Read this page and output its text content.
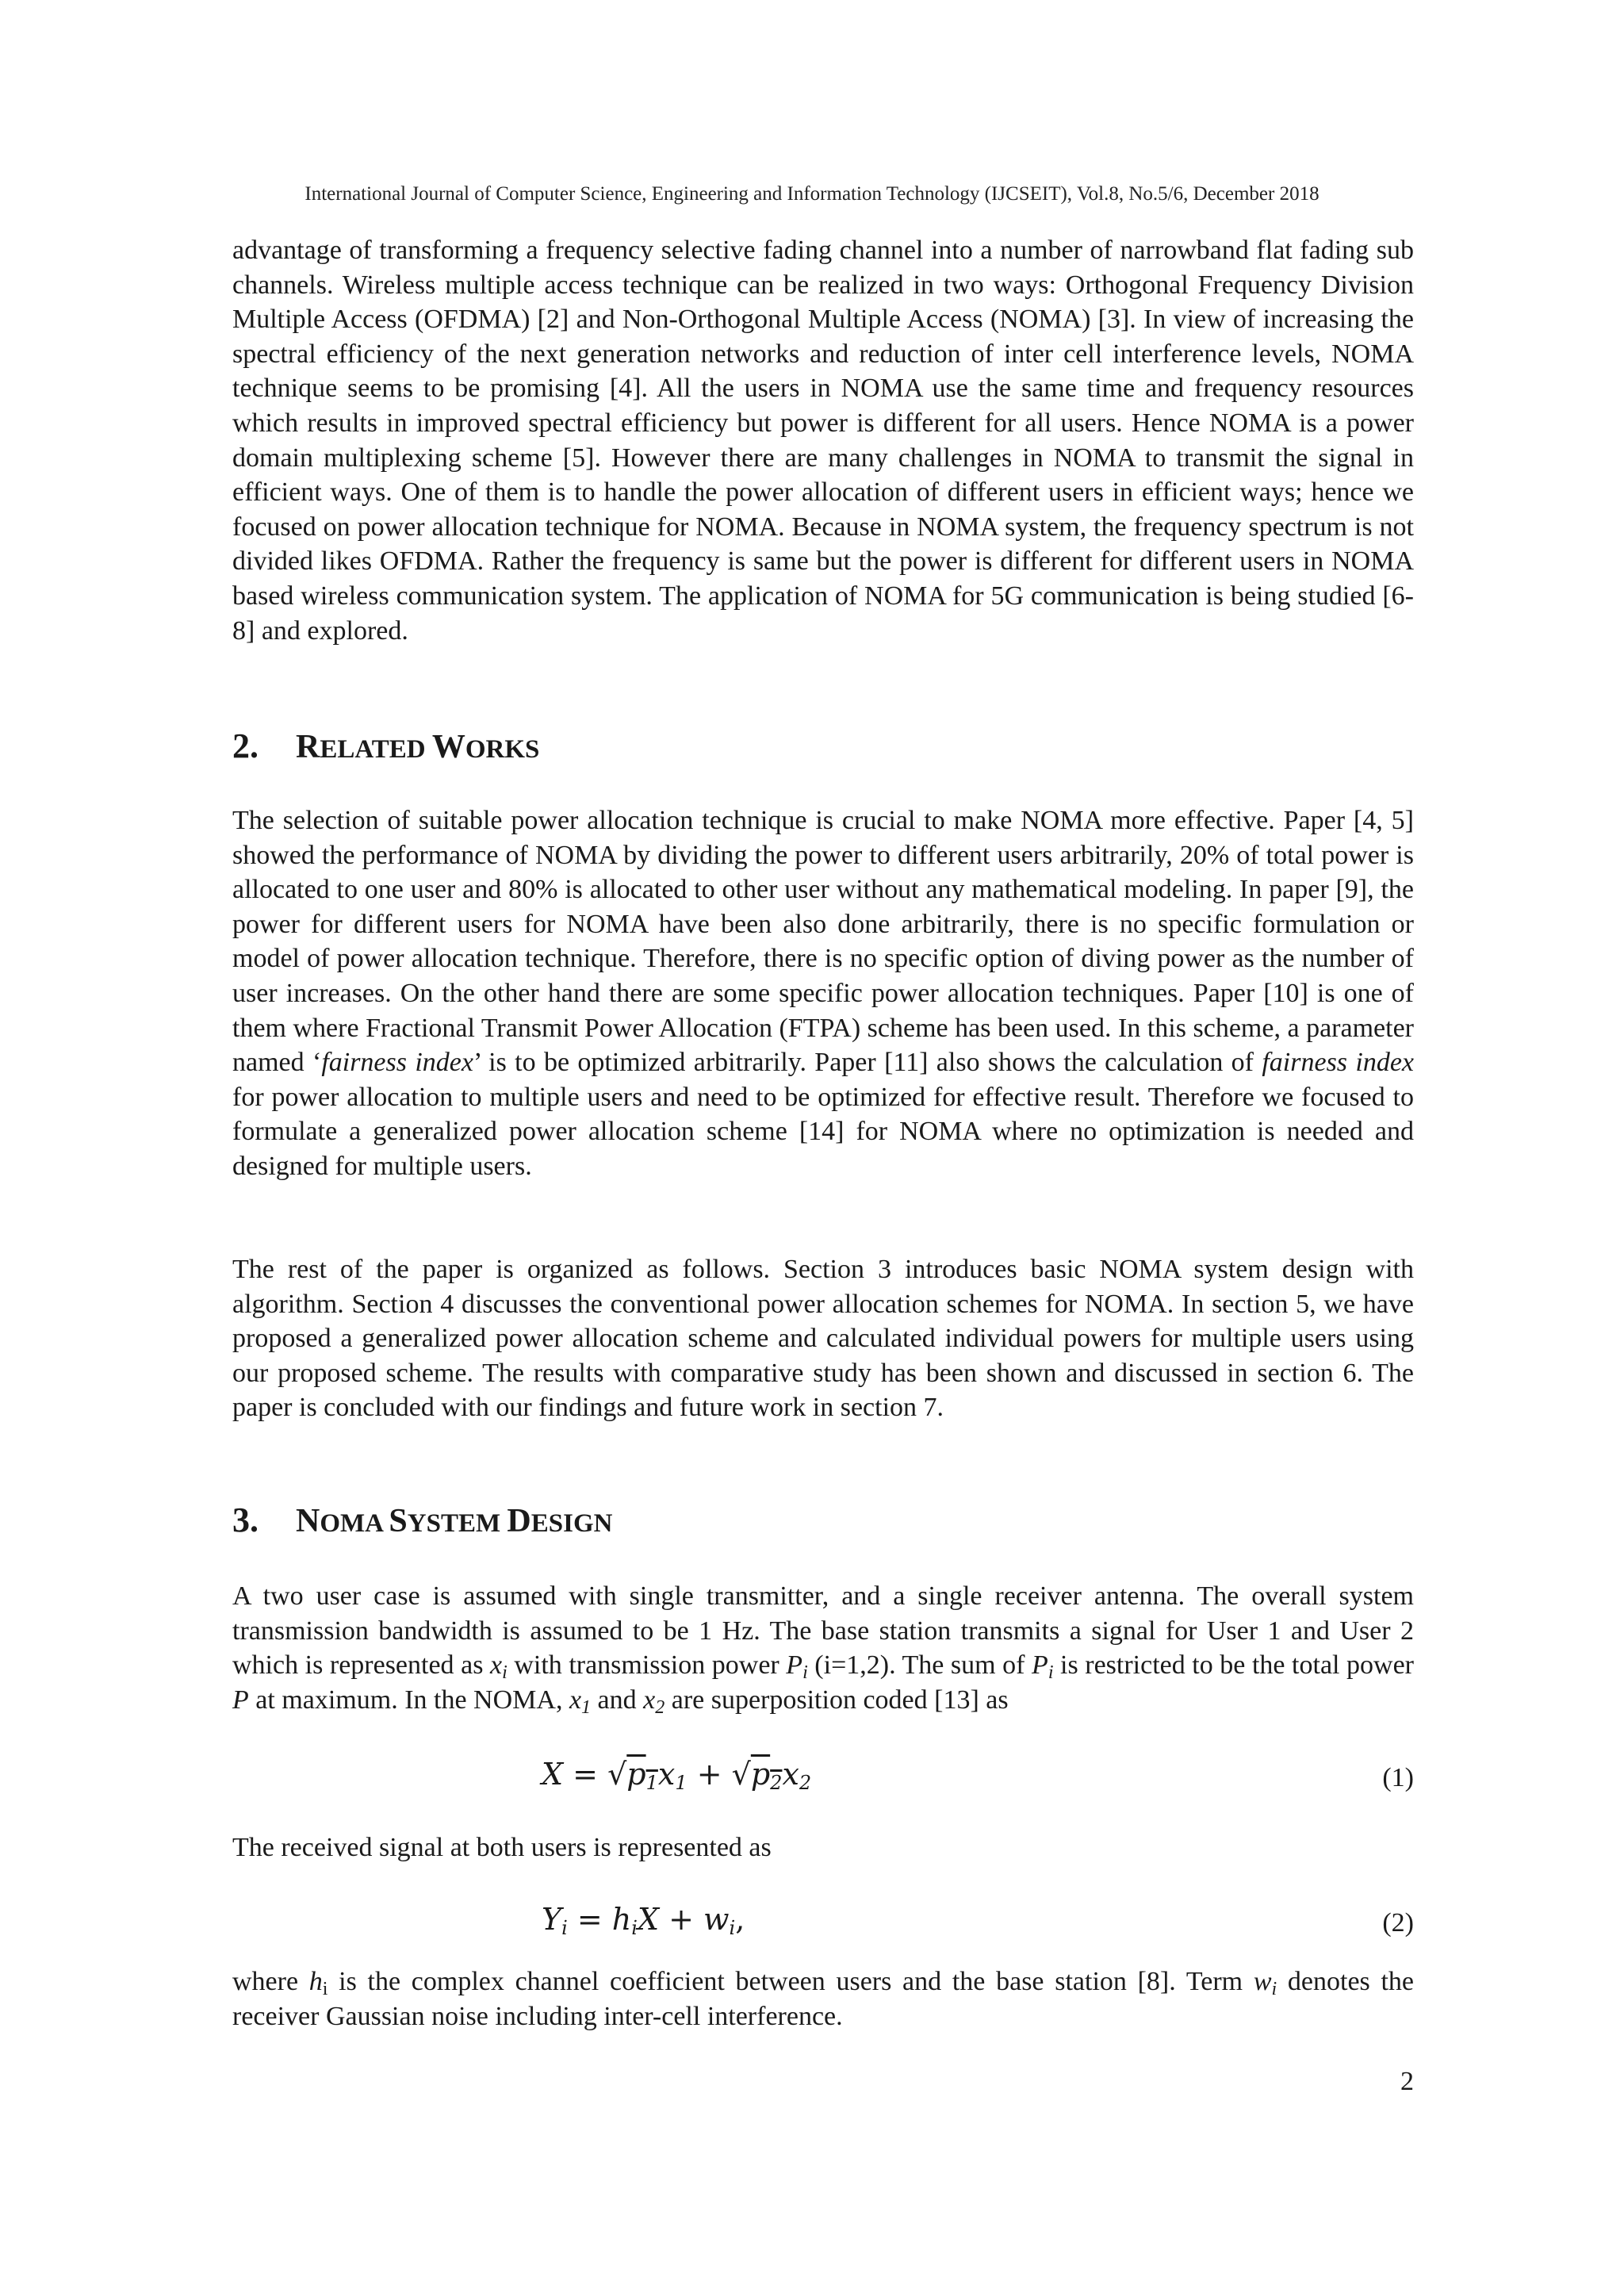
International Journal of Computer Science, Engineering and Information Technology (IJCSEIT), Vol.8, No.5/6, December 2018
advantage of transforming a frequency selective fading channel into a number of narrowband flat fading sub channels. Wireless multiple access technique can be realized in two ways: Orthogonal Frequency Division Multiple Access (OFDMA) [2] and Non-Orthogonal Multiple Access (NOMA) [3]. In view of increasing the spectral efficiency of the next generation networks and reduction of inter cell interference levels, NOMA technique seems to be promising [4]. All the users in NOMA use the same time and frequency resources which results in improved spectral efficiency but power is different for all users. Hence NOMA is a power domain multiplexing scheme [5]. However there are many challenges in NOMA to transmit the signal in efficient ways. One of them is to handle the power allocation of different users in efficient ways; hence we focused on power allocation technique for NOMA. Because in NOMA system, the frequency spectrum is not divided likes OFDMA. Rather the frequency is same but the power is different for different users in NOMA based wireless communication system. The application of NOMA for 5G communication is being studied [6-8] and explored.
2. RELATED WORKS
The selection of suitable power allocation technique is crucial to make NOMA more effective. Paper [4, 5] showed the performance of NOMA by dividing the power to different users arbitrarily, 20% of total power is allocated to one user and 80% is allocated to other user without any mathematical modeling. In paper [9], the power for different users for NOMA have been also done arbitrarily, there is no specific formulation or model of power allocation technique. Therefore, there is no specific option of diving power as the number of user increases. On the other hand there are some specific power allocation techniques. Paper [10] is one of them where Fractional Transmit Power Allocation (FTPA) scheme has been used. In this scheme, a parameter named ‘fairness index’ is to be optimized arbitrarily. Paper [11] also shows the calculation of fairness index for power allocation to multiple users and need to be optimized for effective result. Therefore we focused to formulate a generalized power allocation scheme [14] for NOMA where no optimization is needed and designed for multiple users.
The rest of the paper is organized as follows. Section 3 introduces basic NOMA system design with algorithm. Section 4 discusses the conventional power allocation schemes for NOMA. In section 5, we have proposed a generalized power allocation scheme and calculated individual powers for multiple users using our proposed scheme. The results with comparative study has been shown and discussed in section 6. The paper is concluded with our findings and future work in section 7.
3. NOMA SYSTEM DESIGN
A two user case is assumed with single transmitter, and a single receiver antenna. The overall system transmission bandwidth is assumed to be 1 Hz. The base station transmits a signal for User 1 and User 2 which is represented as $x_i$ with transmission power $P_i$ (i=1,2). The sum of $P_i$ is restricted to be the total power P at maximum. In the NOMA, $x_1$ and $x_2$ are superposition coded [13] as
$X = √p_1x_1 + √p_2x_2$	(1)
The received signal at both users is represented as
$Y_i = h_iX + w_i$,	(2)
where $h_i$ is the complex channel coefficient between users and the base station [8]. Term $w_i$ denotes the receiver Gaussian noise including inter-cell interference.
2
